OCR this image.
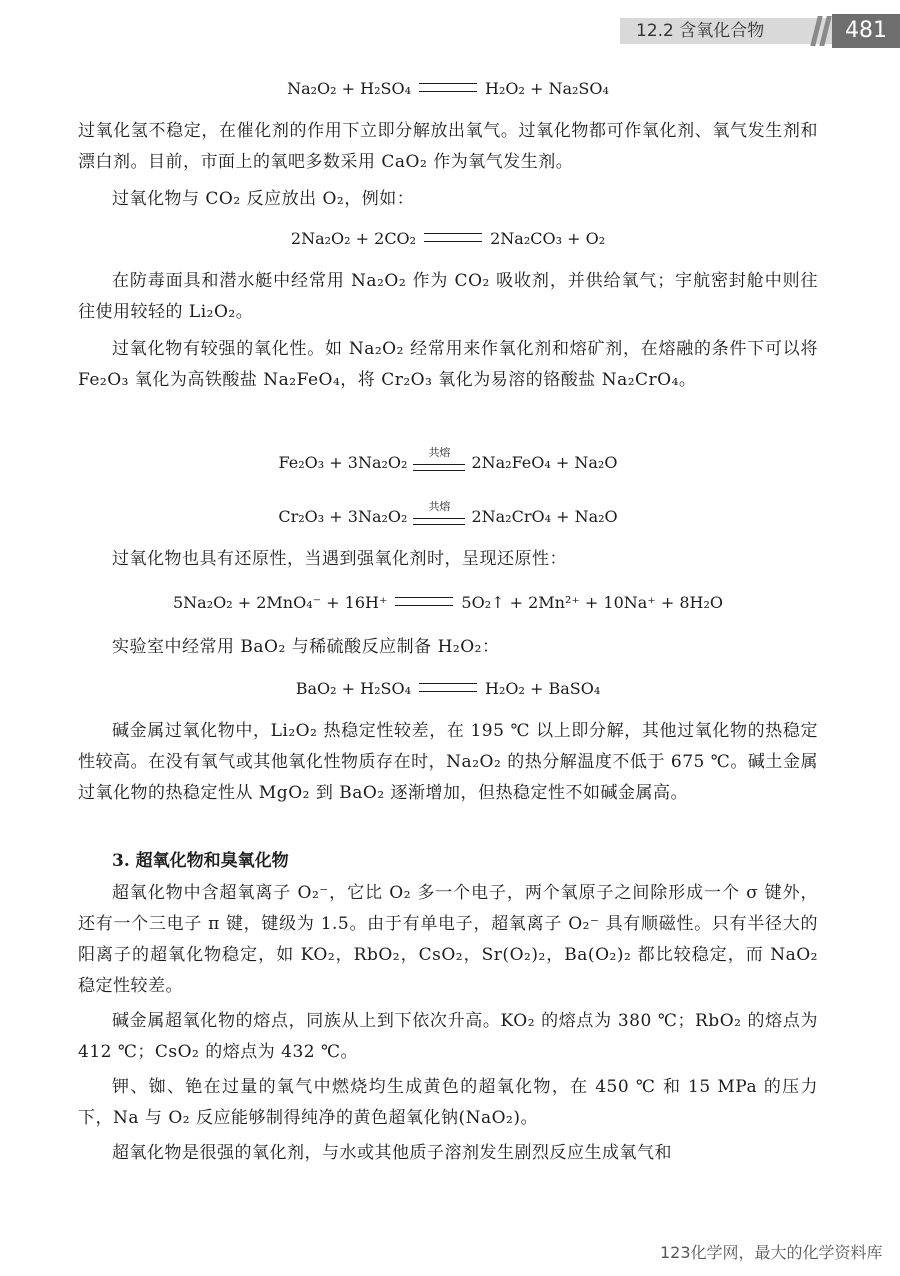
12.2 含氧化合物	481
Na₂O₂ + H₂SO₄	H₂O₂ + Na₂SO₄
过氧化氢不稳定，在催化剂的作用下立即分解放出氧气。过氧化物都可作氧化剂、氧气发生剂和漂白剂。目前，市面上的氧吧多数采用 CaO₂ 作为氧气发生剂。
过氧化物与 CO₂ 反应放出 O₂，例如：
2Na₂O₂ + 2CO₂	2Na₂CO₃ + O₂
在防毒面具和潜水艇中经常用 Na₂O₂ 作为 CO₂ 吸收剂，并供给氧气；宇航密封舱中则往往使用较轻的 Li₂O₂。
过氧化物有较强的氧化性。如 Na₂O₂ 经常用来作氧化剂和熔矿剂，在熔融的条件下可以将 Fe₂O₃ 氧化为高铁酸盐 Na₂FeO₄，将 Cr₂O₃ 氧化为易溶的铬酸盐 Na₂CrO₄。
Fe₂O₃ + 3Na₂O₂
共熔
2Na₂FeO₄ + Na₂O
Cr₂O₃ + 3Na₂O₂
共熔
2Na₂CrO₄ + Na₂O
过氧化物也具有还原性，当遇到强氧化剂时，呈现还原性：
5Na₂O₂ + 2MnO₄⁻ + 16H⁺	5O₂↑ + 2Mn²⁺ + 10Na⁺ + 8H₂O
实验室中经常用 BaO₂ 与稀硫酸反应制备 H₂O₂：
BaO₂ + H₂SO₄	H₂O₂ + BaSO₄
碱金属过氧化物中，Li₂O₂ 热稳定性较差，在 195 ℃ 以上即分解，其他过氧化物的热稳定性较高。在没有氧气或其他氧化性物质存在时，Na₂O₂ 的热分解温度不低于 675 ℃。碱土金属过氧化物的热稳定性从 MgO₂ 到 BaO₂ 逐渐增加，但热稳定性不如碱金属高。
3. 超氧化物和臭氧化物
超氧化物中含超氧离子 O₂⁻，它比 O₂ 多一个电子，两个氧原子之间除形成一个 σ 键外，还有一个三电子 π 键，键级为 1.5。由于有单电子，超氧离子 O₂⁻ 具有顺磁性。只有半径大的阳离子的超氧化物稳定，如 KO₂，RbO₂，CsO₂，Sr(O₂)₂，Ba(O₂)₂ 都比较稳定，而 NaO₂ 稳定性较差。
碱金属超氧化物的熔点，同族从上到下依次升高。KO₂ 的熔点为 380 ℃；RbO₂ 的熔点为 412 ℃；CsO₂ 的熔点为 432 ℃。
钾、铷、铯在过量的氧气中燃烧均生成黄色的超氧化物，在 450 ℃ 和 15 MPa 的压力下，Na 与 O₂ 反应能够制得纯净的黄色超氧化钠(NaO₂)。
超氧化物是很强的氧化剂，与水或其他质子溶剂发生剧烈反应生成氧气和
123化学网，最大的化学资料库
